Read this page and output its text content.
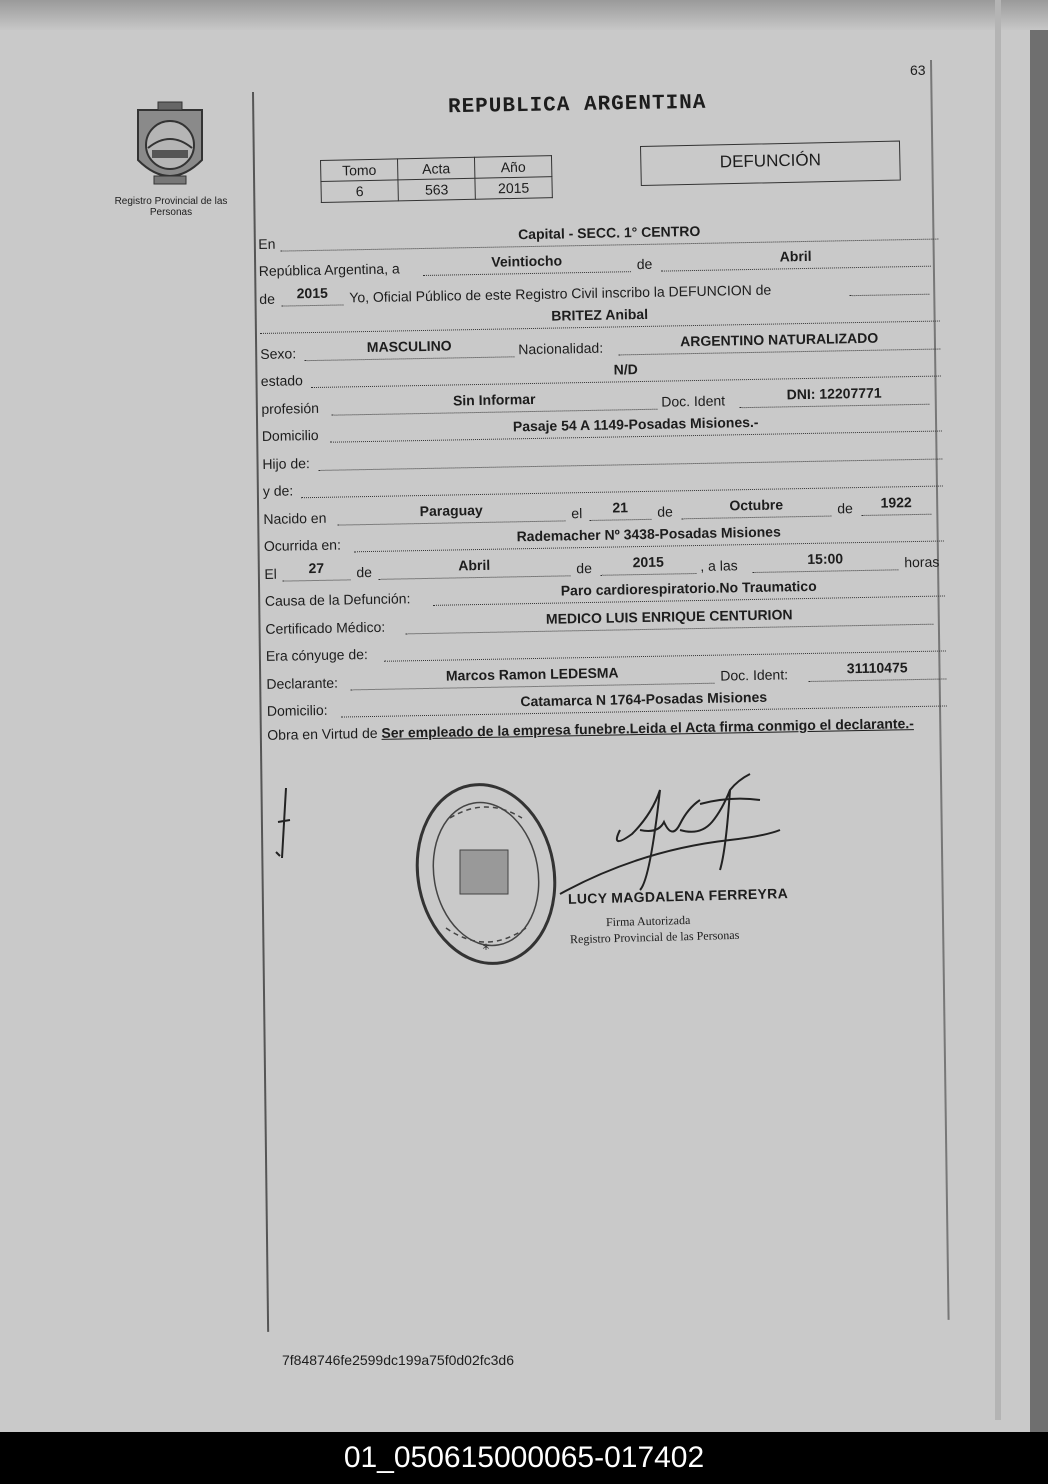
63
Registro Provincial de las Personas
REPUBLICA ARGENTINA
Tomo	Acta	Año
6	563	2015
DEFUNCIÓN
En
Capital - SECC. 1° CENTRO
República Argentina, a	Veintiocho	de	Abril
de	2015	Yo, Oficial Público de este Registro Civil inscribo la DEFUNCION de
BRITEZ Anibal
Sexo:	MASCULINO	Nacionalidad:	ARGENTINO NATURALIZADO
estado
N/D
profesión	Sin Informar	Doc. Ident	DNI: 12207771
Domicilio
Pasaje 54 A 1149-Posadas Misiones.-
Hijo de:
y de:
Nacido en	Paraguay	el	21	de	Octubre	de	1922
Ocurrida en:
Rademacher Nº 3438-Posadas Misiones
El	27	de	Abril	de	2015	, a las	15:00	horas
Causa de la Defunción:
Paro cardiorespiratorio.No Traumatico
Certificado Médico:
MEDICO LUIS ENRIQUE CENTURION
Era cónyuge de:
Declarante:	Marcos Ramon LEDESMA	Doc. Ident:	31110475
Domicilio:
Catamarca N 1764-Posadas Misiones
Obra en Virtud de Ser empleado de la empresa funebre.Leida el Acta firma conmigo el declarante.-
*
LUCY MAGDALENA FERREYRA
Firma Autorizada
Registro Provincial de las Personas
7f848746fe2599dc199a75f0d02fc3d6
01_050615000065-017402
